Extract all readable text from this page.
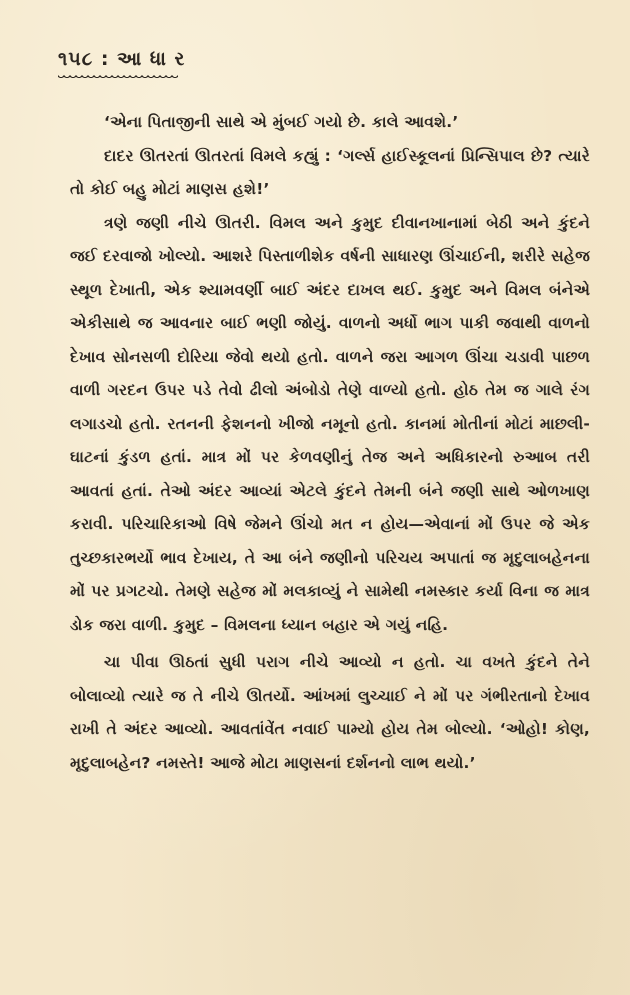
૧૫૮ : આ ધા ર

‘એના પિતાજીની સાથે એ મુંબઈ ગયો છે. કાલે આવશે.’

દાદર ઊતરતાં ઊતરતાં વિમલે કહ્યું : ‘ગર્લ્સ હાઈસ્કૂલનાં પ્રિન્સિપાલ છે? ત્યારે તો કોઈ બહુ મોટાં માણસ હશે!’

ત્રણે જણી નીચે ઊતરી. વિમલ અને કુમુદ દીવાનખાનામાં બેઠી અને કુંદને જઈ દરવાજો ખોલ્યો. આશરે પિસ્તાળીશેક વર્ષની સાધારણ ઊંચાઈની, શરીરે સહેજ સ્થૂળ દેખાતી, એક શ્યામવર્ણી બાઈ અંદર દાખલ થઈ. કુમુદ અને વિમલ બંનેએ એકીસાથે જ આવનાર બાઈ ભણી જોયું. વાળનો અર્ધો ભાગ પાકી જવાથી વાળનો દેખાવ સોનસળી દોરિયા જેવો થયો હતો. વાળને જરા આગળ ઊંચા ચડાવી પાછળ વાળી ગરદન ઉપર પડે તેવો ઢીલો અંબોડો તેણે વાળ્યો હતો. હોઠ તેમ જ ગાલે રંગ લગાડચો હતો. રતનની ફેશનનો ખીજો નમૂનો હતો. કાનમાં મોતીનાં મોટાં માછલી-ઘાટનાં કુંડળ હતાં. માત્ર મોં પર કેળવણીનું તેજ અને અધિકારનો રુઆબ તરી આવતાં હતાં. તેઓ અંદર આવ્યાં એટલે કુંદને તેમની બંને જણી સાથે ઓળખાણ કરાવી. પરિચારિકાઓ વિષે જેમને ઊંચો મત ન હોય—એવાનાં મોં ઉપર જે એક તુચ્છકારભર્યો ભાવ દેખાય, તે આ બંને જણીનો પરિચય અપાતાં જ મૃદુલાબહેનના મોં પર પ્રગટચો. તેમણે સહેજ મોં મલકાવ્યું ને સામેથી નમસ્કાર કર્યા વિના જ માત્ર ડોક જરા વાળી. કુમુદ – વિમલના ધ્યાન બહાર એ ગયું નહિ.

ચા પીવા ઊઠતાં સુધી પરાગ નીચે આવ્યો ન હતો. ચા વખતે કુંદને તેને બોલાવ્યો ત્યારે જ તે નીચે ઊતર્યો. આંખમાં લુચ્ચાઈ ને મોં પર ગંભીરતાનો દેખાવ રાખી તે અંદર આવ્યો. આવતાંવેંત નવાઈ પામ્યો હોય તેમ બોલ્યો. ‘ઓહો! કોણ, મૃદુલાબહેન? નમસ્તે! આજે મોટા માણસનાં દર્શનનો લાભ થયો.’
